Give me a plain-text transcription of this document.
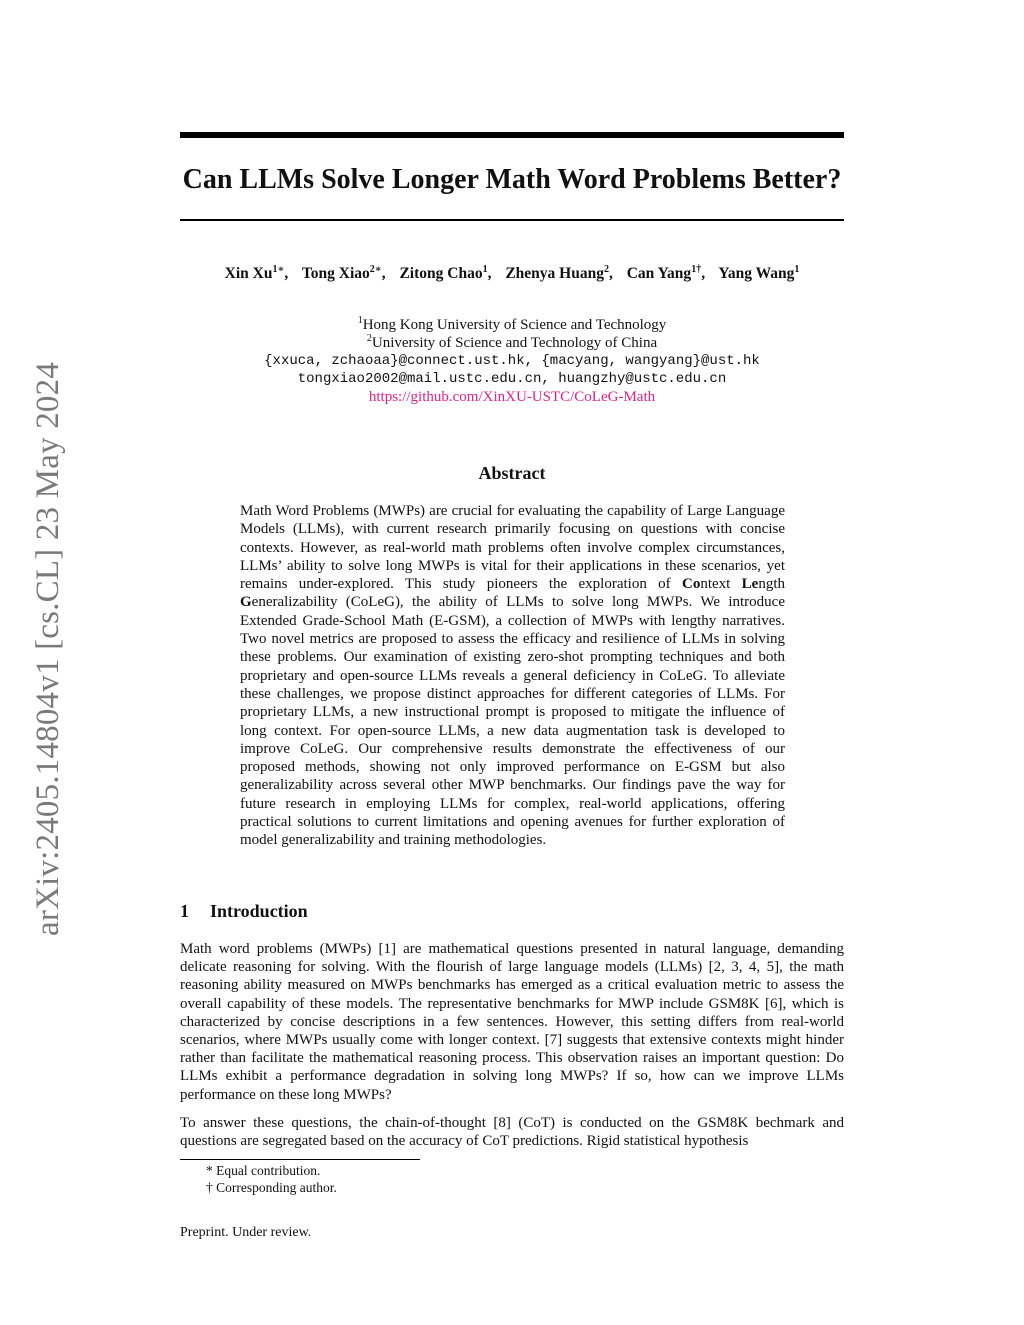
arXiv:2405.14804v1 [cs.CL] 23 May 2024
Can LLMs Solve Longer Math Word Problems Better?
Xin $Xu^{1∗}$, Tong Xiao$^{2∗}$, Zitong Chao$^1$, Zhenya Huang$^2$, Can Yang$^{1\dagger}$, Yang Wang$^1$
$^1$Hong Kong University of Science and Technology
$^2$University of Science and Technology of China
{xxuca, zchaoaa}@connect.ust.hk, {macyang, wangyang}@ust.hk
tongxiao2002@mail.ustc.edu.cn, huangzhy@ustc.edu.cn
https://github.com/XinXU-USTC/CoLeG-Math
Abstract

Math Word Problems (MWPs) are crucial for evaluating the capability of Large Language Models (LLMs), with current research primarily focusing on questions with concise contexts. However, as real-world math problems often involve complex circumstances, LLMs’ ability to solve long MWPs is vital for their applications in these scenarios, yet remains under-explored. This study pioneers the exploration of Context Length Generalizability (CoLeG), the ability of LLMs to solve long MWPs. We introduce Extended Grade-School Math (E-GSM), a collection of MWPs with lengthy narratives. Two novel metrics are proposed to assess the efficacy and resilience of LLMs in solving these problems. Our examination of existing zero-shot prompting techniques and both proprietary and open-source LLMs reveals a general deficiency in CoLeG. To alleviate these challenges, we propose distinct approaches for different categories of LLMs. For proprietary LLMs, a new instructional prompt is proposed to mitigate the influence of long context. For open-source LLMs, a new data augmentation task is developed to improve CoLeG. Our comprehensive results demonstrate the effectiveness of our proposed methods, showing not only improved performance on E-GSM but also generalizability across several other MWP benchmarks. Our findings pave the way for future research in employing LLMs for complex, real-world applications, offering practical solutions to current limitations and opening avenues for further exploration of model generalizability and training methodologies.

1 Introduction

Math word problems (MWPs) [1] are mathematical questions presented in natural language, demanding delicate reasoning for solving. With the flourish of large language models (LLMs) [2, 3, 4, 5], the math reasoning ability measured on MWPs benchmarks has emerged as a critical evaluation metric to assess the overall capability of these models. The representative benchmarks for MWP include GSM8K [6], which is characterized by concise descriptions in a few sentences. However, this setting differs from real-world scenarios, where MWPs usually come with longer context. [7] suggests that extensive contexts might hinder rather than facilitate the mathematical reasoning process. This observation raises an important question: Do LLMs exhibit a performance degradation in solving long MWPs? If so, how can we improve LLMs performance on these long MWPs?

To answer these questions, the chain-of-thought [8] (CoT) is conducted on the GSM8K bechmark and questions are segregated based on the accuracy of CoT predictions. Rigid statistical hypothesis

* Equal contribution.
† Corresponding author.
Preprint. Under review.
